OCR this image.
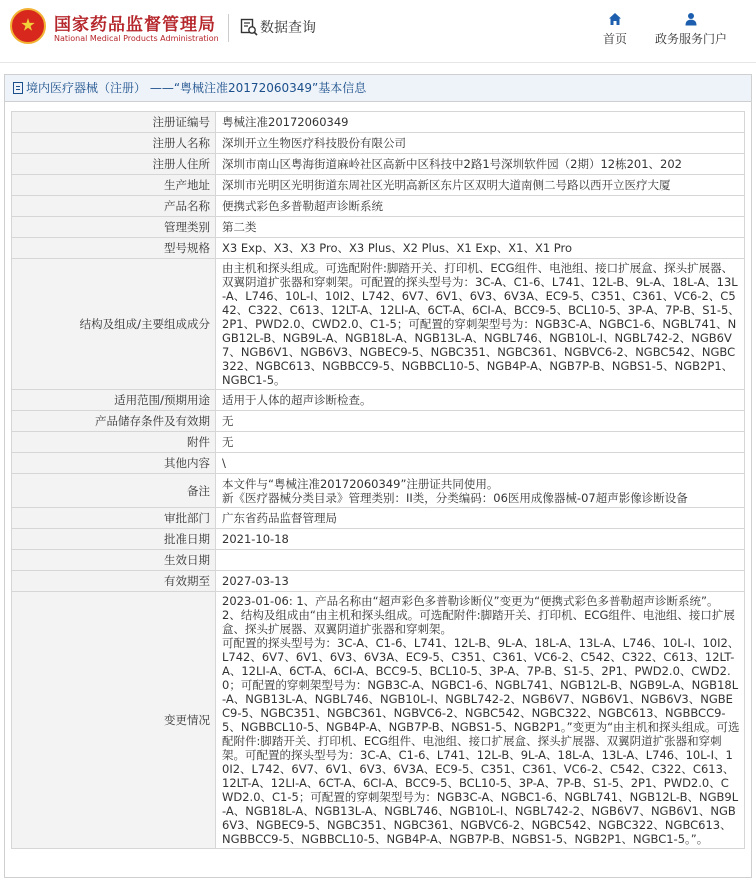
国家药品监督管理局
National Medical Products Administration
数据查询
首页 政务服务门户
境内医疗器械（注册） ——“粤械注准20172060349”基本信息
注册证编号	粤械注准20172060349
注册人名称	深圳开立生物医疗科技股份有限公司
注册人住所	深圳市南山区粤海街道麻岭社区高新中区科技中2路1号深圳软件园（2期）12栋201、202
生产地址	深圳市光明区光明街道东周社区光明高新区东片区双明大道南侧二号路以西开立医疗大厦
产品名称	便携式彩色多普勒超声诊断系统
管理类别	第二类
型号规格	X3 Exp、X3、X3 Pro、X3 Plus、X2 Plus、X1 Exp、X1、X1 Pro
结构及组成/主要组成成分	由主机和探头组成。可选配附件:脚踏开关、打印机、ECG组件、电池组、接口扩展盒、探头扩展器、双翼阴道扩张器和穿刺架。可配置的探头型号为：3C-A、C1-6、L741、12L-B、9L-A、18L-A、13L-A、L746、10L-I、10I2、L742、6V7、6V1、6V3、6V3A、EC9-5、C351、C361、VC6-2、C542、C322、C613、12LT-A、12LI-A、6CT-A、6CI-A、BCC9-5、BCL10-5、3P-A、7P-B、S1-5、2P1、PWD2.0、CWD2.0、C1-5；可配置的穿刺架型号为：NGB3C-A、NGBC1-6、NGBL741、NGB12L-B、NGB9L-A、NGB18L-A、NGB13L-A、NGBL746、NGB10L-I、NGBL742-2、NGB6V7、NGB6V1、NGB6V3、NGBEC9-5、NGBC351、NGBC361、NGBVC6-2、NGBC542、NGBC322、NGBC613、NGBBCC9-5、NGBBCL10-5、NGB4P-A、NGB7P-B、NGBS1-5、NGB2P1、NGBC1-5。
适用范围/预期用途	适用于人体的超声诊断检查。
产品储存条件及有效期	无
附件	无
其他内容	\
备注	本文件与“粤械注准20172060349”注册证共同使用。
新《医疗器械分类目录》管理类别：II类，分类编码：06医用成像器械-07超声影像诊断设备
审批部门	广东省药品监督管理局
批准日期	2021-10-18
生效日期	
有效期至	2027-03-13
变更情况	2023-01-06: 1、产品名称由“超声彩色多普勒诊断仪”变更为“便携式彩色多普勒超声诊断系统”。
2、结构及组成由“由主机和探头组成。可选配附件:脚踏开关、打印机、ECG组件、电池组、接口扩展盒、探头扩展器、双翼阴道扩张器和穿刺架。
可配置的探头型号为：3C-A、C1-6、L741、12L-B、9L-A、18L-A、13L-A、L746、10L-I、10I2、L742、6V7、6V1、6V3、6V3A、EC9-5、C351、C361、VC6-2、C542、C322、C613、12LT-A、12LI-A、6CT-A、6CI-A、BCC9-5、BCL10-5、3P-A、7P-B、S1-5、2P1、PWD2.0、CWD2.0；可配置的穿刺架型号为：NGB3C-A、NGBC1-6、NGBL741、NGB12L-B、NGB9L-A、NGB18L-A、NGB13L-A、NGBL746、NGB10L-I、NGBL742-2、NGB6V7、NGB6V1、NGB6V3、NGBEC9-5、NGBC351、NGBC361、NGBVC6-2、NGBC542、NGBC322、NGBC613、NGBBCC9-5、NGBBCL10-5、NGB4P-A、NGB7P-B、NGBS1-5、NGB2P1。”变更为“由主机和探头组成。可选配附件:脚踏开关、打印机、ECG组件、电池组、接口扩展盒、探头扩展器、双翼阴道扩张器和穿刺架。可配置的探头型号为：3C-A、C1-6、L741、12L-B、9L-A、18L-A、13L-A、L746、10L-I、10I2、L742、6V7、6V1、6V3、6V3A、EC9-5、C351、C361、VC6-2、C542、C322、C613、12LT-A、12LI-A、6CT-A、6CI-A、BCC9-5、BCL10-5、3P-A、7P-B、S1-5、2P1、PWD2.0、CWD2.0、C1-5；可配置的穿刺架型号为：NGB3C-A、NGBC1-6、NGBL741、NGB12L-B、NGB9L-A、NGB18L-A、NGB13L-A、NGBL746、NGB10L-I、NGBL742-2、NGB6V7、NGB6V1、NGB6V3、NGBEC9-5、NGBC351、NGBC361、NGBVC6-2、NGBC542、NGBC322、NGBC613、NGBBCC9-5、NGBBCL10-5、NGB4P-A、NGB7P-B、NGBS1-5、NGB2P1、NGBC1-5。”。
